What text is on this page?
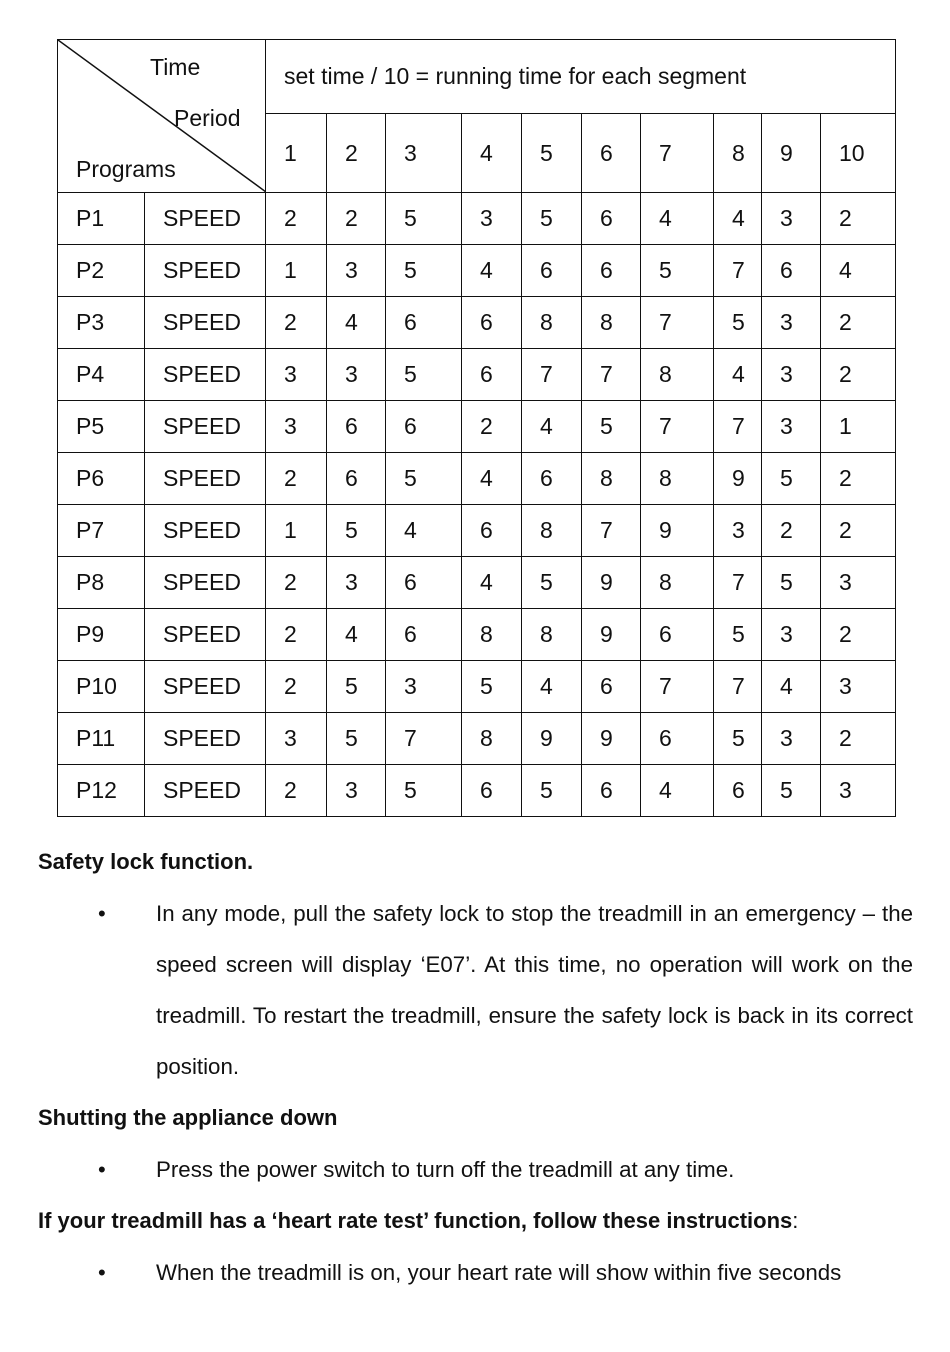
Time
Period
Programs		set time / 10 = running time for each segment									
		1	2	3	4	5	6	7	8	9	10
P1	SPEED	2	2	5	3	5	6	4	4	3	2
P2	SPEED	1	3	5	4	6	6	5	7	6	4
P3	SPEED	2	4	6	6	8	8	7	5	3	2
P4	SPEED	3	3	5	6	7	7	8	4	3	2
P5	SPEED	3	6	6	2	4	5	7	7	3	1
P6	SPEED	2	6	5	4	6	8	8	9	5	2
P7	SPEED	1	5	4	6	8	7	9	3	2	2
P8	SPEED	2	3	6	4	5	9	8	7	5	3
P9	SPEED	2	4	6	8	8	9	6	5	3	2
P10	SPEED	2	5	3	5	4	6	7	7	4	3
P11	SPEED	3	5	7	8	9	9	6	5	3	2
P12	SPEED	2	3	5	6	5	6	4	6	5	3
Safety lock function.
• In any mode, pull the safety lock to stop the treadmill in an emergency – the speed screen will display ‘E07’. At this time, no operation will work on the treadmill. To restart the treadmill, ensure the safety lock is back in its correct position.
Shutting the appliance down
• Press the power switch to turn off the treadmill at any time.
If your treadmill has a ‘heart rate test’ function, follow these instructions:
• When the treadmill is on, your heart rate will show within five seconds
